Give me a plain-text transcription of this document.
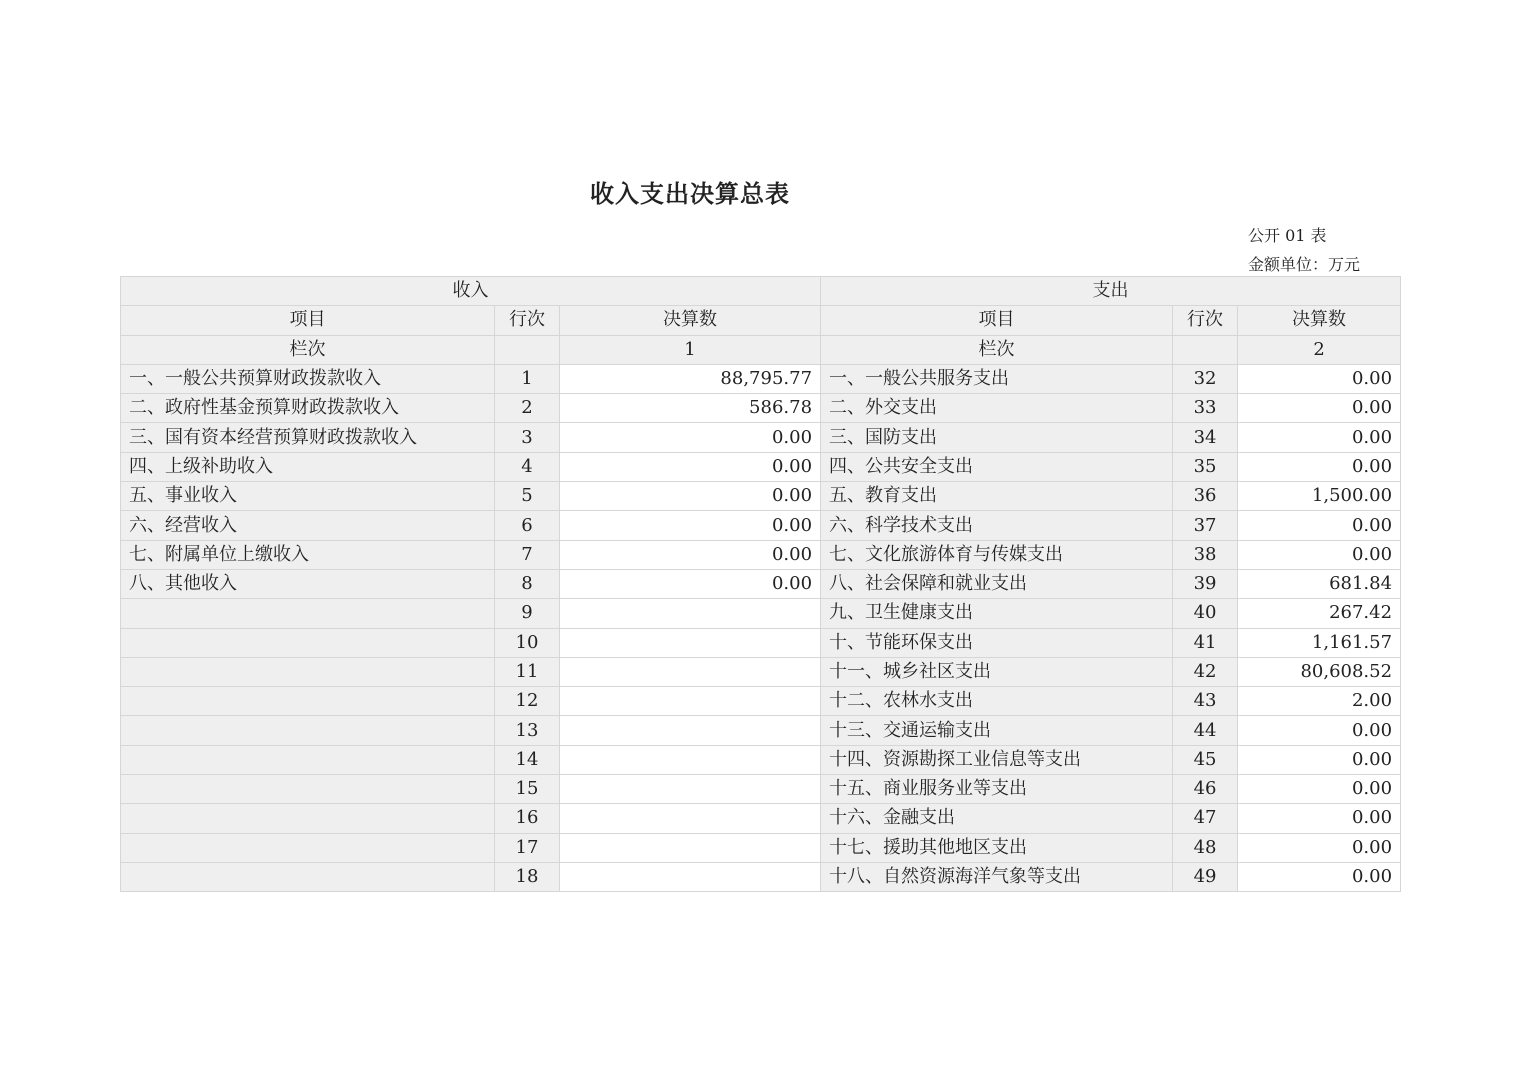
收入支出决算总表
公开 01 表
金额单位：万元
收入			支出		
项目	行次	决算数	项目	行次	决算数
栏次		1	栏次		2
一、一般公共预算财政拨款收入	1	88,795.77	一、一般公共服务支出	32	0.00
二、政府性基金预算财政拨款收入	2	586.78	二、外交支出	33	0.00
三、国有资本经营预算财政拨款收入	3	0.00	三、国防支出	34	0.00
四、上级补助收入	4	0.00	四、公共安全支出	35	0.00
五、事业收入	5	0.00	五、教育支出	36	1,500.00
六、经营收入	6	0.00	六、科学技术支出	37	0.00
七、附属单位上缴收入	7	0.00	七、文化旅游体育与传媒支出	38	0.00
八、其他收入	8	0.00	八、社会保障和就业支出	39	681.84
	9		九、卫生健康支出	40	267.42
	10		十、节能环保支出	41	1,161.57
	11		十一、城乡社区支出	42	80,608.52
	12		十二、农林水支出	43	2.00
	13		十三、交通运输支出	44	0.00
	14		十四、资源勘探工业信息等支出	45	0.00
	15		十五、商业服务业等支出	46	0.00
	16		十六、金融支出	47	0.00
	17		十七、援助其他地区支出	48	0.00
	18		十八、自然资源海洋气象等支出	49	0.00
